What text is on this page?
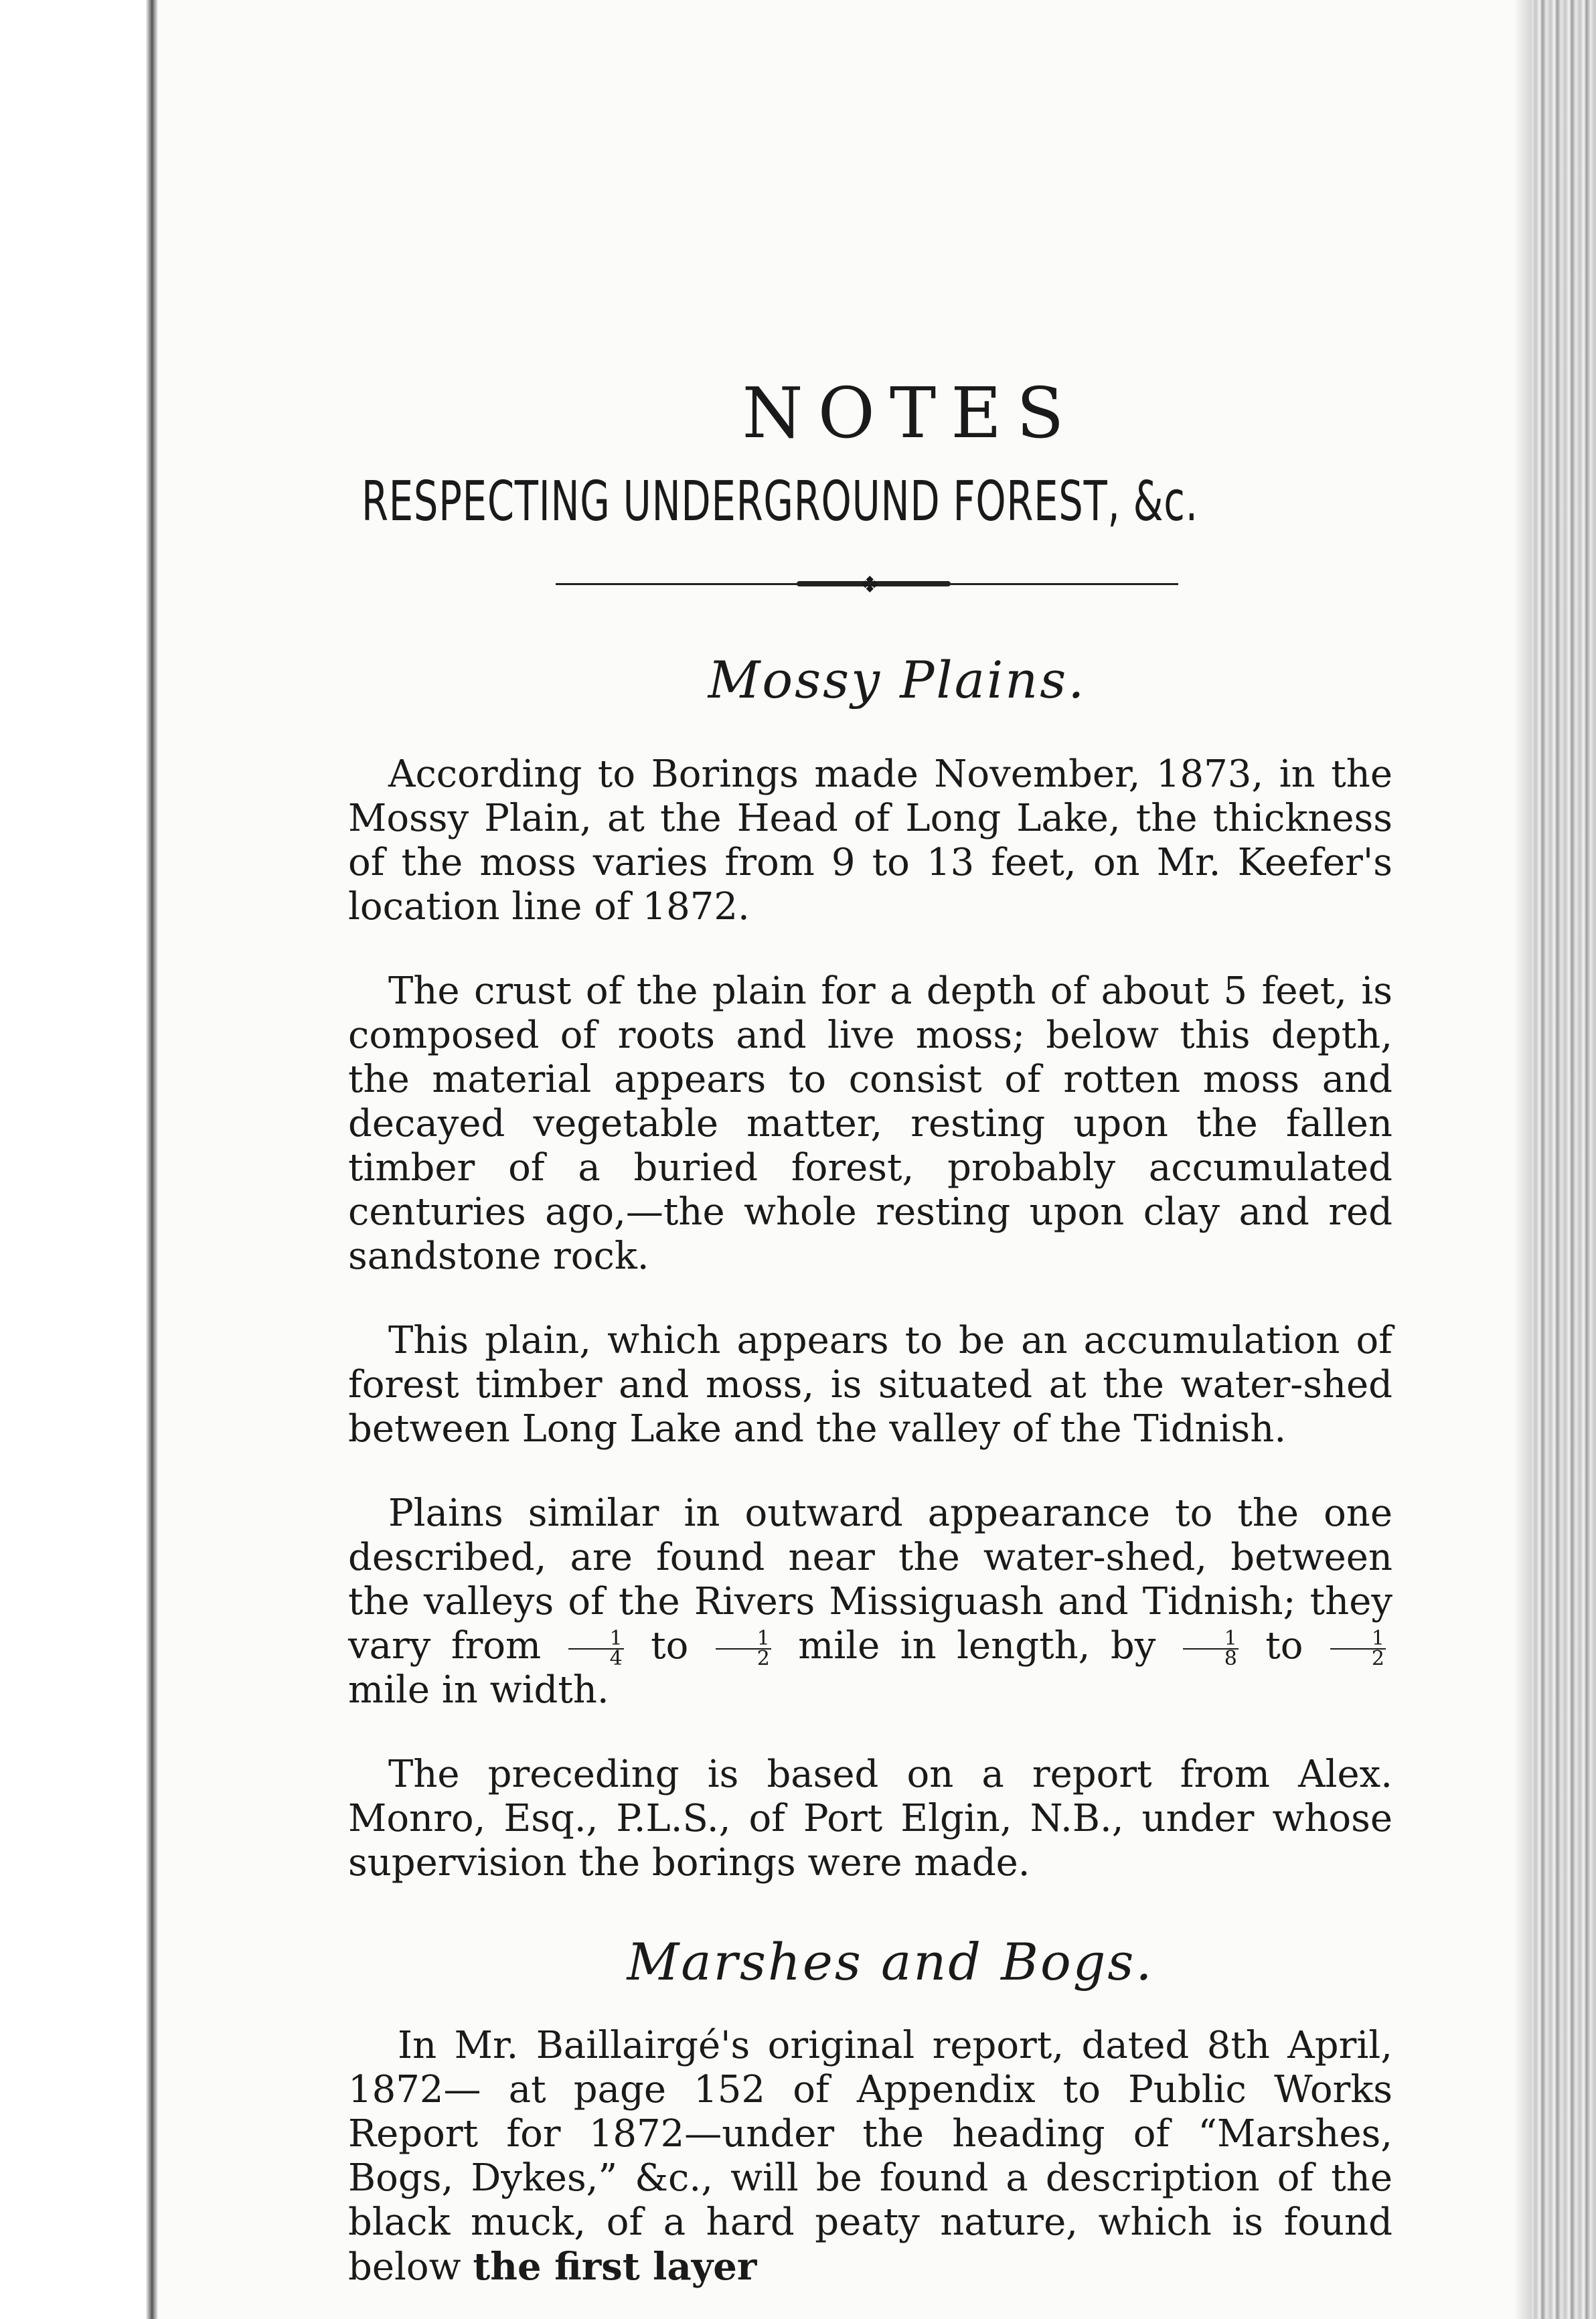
NOTES
RESPECTING UNDERGROUND FOREST, &c.
❖
Mossy Plains.

According to Borings made November, 1873, in the Mossy Plain, at the Head of Long Lake, the thickness of the moss varies from 9 to 13 feet, on Mr. Keefer's location line of 1872.

The crust of the plain for a depth of about 5 feet, is composed of roots and live moss; below this depth, the material appears to consist of rotten moss and decayed vegetable matter, resting upon the fallen timber of a buried forest, probably accumulated centuries ago,—the whole resting upon clay and red sandstone rock.

This plain, which appears to be an accumulation of forest timber and moss, is situated at the water-shed between Long Lake and the valley of the Tidnish.

Plains similar in outward appearance to the one described, are found near the water-shed, between the valleys of the Rivers Missiguash and Tidnish; they vary from $\frac{1}{4}$ to $\frac{1}{2}$ mile in length, by $\frac{1}{8}$ to $\frac{1}{2}$
mile in width.

The preceding is based on a report from Alex. Monro, Esq., P.L.S., of Port Elgin, N.B., under whose supervision the borings were made.

Marshes and Bogs.

In Mr. Baillairgé's original report, dated 8th April, 1872— at page 152 of Appendix to Public Works Report for 1872—under the heading of “Marshes, Bogs, Dykes,” &c., will be found a description of the black muck, of a hard peaty nature, which is found below the first layer
